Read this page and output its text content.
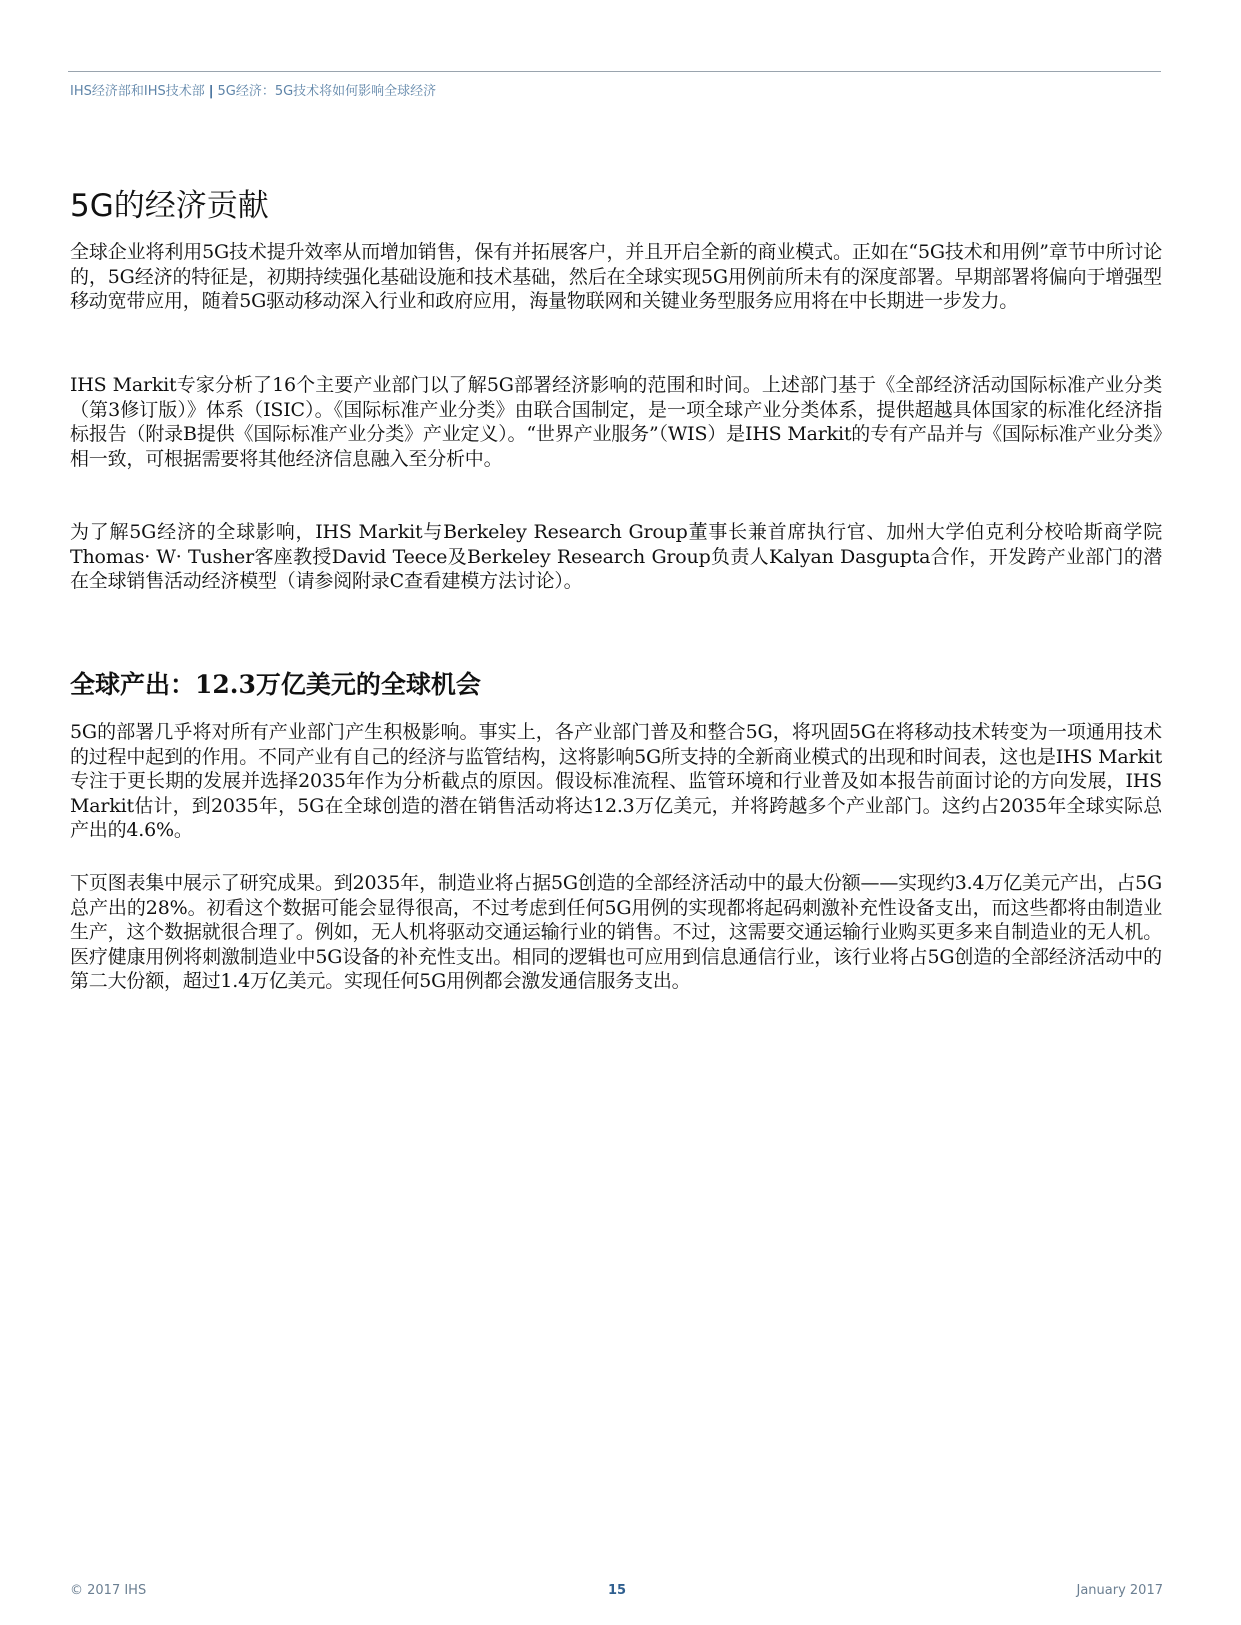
IHS经济部和IHS技术部 | 5G经济：5G技术将如何影响全球经济
5G的经济贡献

全球企业将利用5G技术提升效率从而增加销售，保有并拓展客户，并且开启全新的商业模式。正如在“5G技术和用例”章节中所讨论的，5G经济的特征是，初期持续强化基础设施和技术基础，然后在全球实现5G用例前所未有的深度部署。早期部署将偏向于增强型移动宽带应用，随着5G驱动移动深入行业和政府应用，海量物联网和关键业务型服务应用将在中长期进一步发力。

IHS Markit专家分析了16个主要产业部门以了解5G部署经济影响的范围和时间。上述部门基于《全部经济活动国际标准产业分类（第3修订版）》体系（ISIC）。《国际标准产业分类》由联合国制定，是一项全球产业分类体系，提供超越具体国家的标准化经济指标报告（附录B提供《国际标准产业分类》产业定义）。“世界产业服务”（WIS）是IHS Markit的专有产品并与《国际标准产业分类》相一致，可根据需要将其他经济信息融入至分析中。

为了解5G经济的全球影响，IHS Markit与Berkeley Research Group董事长兼首席执行官、加州大学伯克利分校哈斯商学院Thomas· W· Tusher客座教授David Teece及Berkeley Research Group负责人Kalyan Dasgupta合作，开发跨产业部门的潜在全球销售活动经济模型（请参阅附录C查看建模方法讨论）。

全球产出：12.3万亿美元的全球机会

5G的部署几乎将对所有产业部门产生积极影响。事实上，各产业部门普及和整合5G，将巩固5G在将移动技术转变为一项通用技术的过程中起到的作用。不同产业有自己的经济与监管结构，这将影响5G所支持的全新商业模式的出现和时间表，这也是IHS Markit专注于更长期的发展并选择2035年作为分析截点的原因。假设标准流程、监管环境和行业普及如本报告前面讨论的方向发展，IHS Markit估计，到2035年，5G在全球创造的潜在销售活动将达12.3万亿美元，并将跨越多个产业部门。这约占2035年全球实际总产出的4.6%。

下页图表集中展示了研究成果。到2035年，制造业将占据5G创造的全部经济活动中的最大份额——实现约3.4万亿美元产出，占5G总产出的28%。初看这个数据可能会显得很高，不过考虑到任何5G用例的实现都将起码刺激补充性设备支出，而这些都将由制造业生产，这个数据就很合理了。例如，无人机将驱动交通运输行业的销售。不过，这需要交通运输行业购买更多来自制造业的无人机。医疗健康用例将刺激制造业中5G设备的补充性支出。相同的逻辑也可应用到信息通信行业，该行业将占5G创造的全部经济活动中的第二大份额，超过1.4万亿美元。实现任何5G用例都会激发通信服务支出。

© 2017 IHS	15	January 2017
